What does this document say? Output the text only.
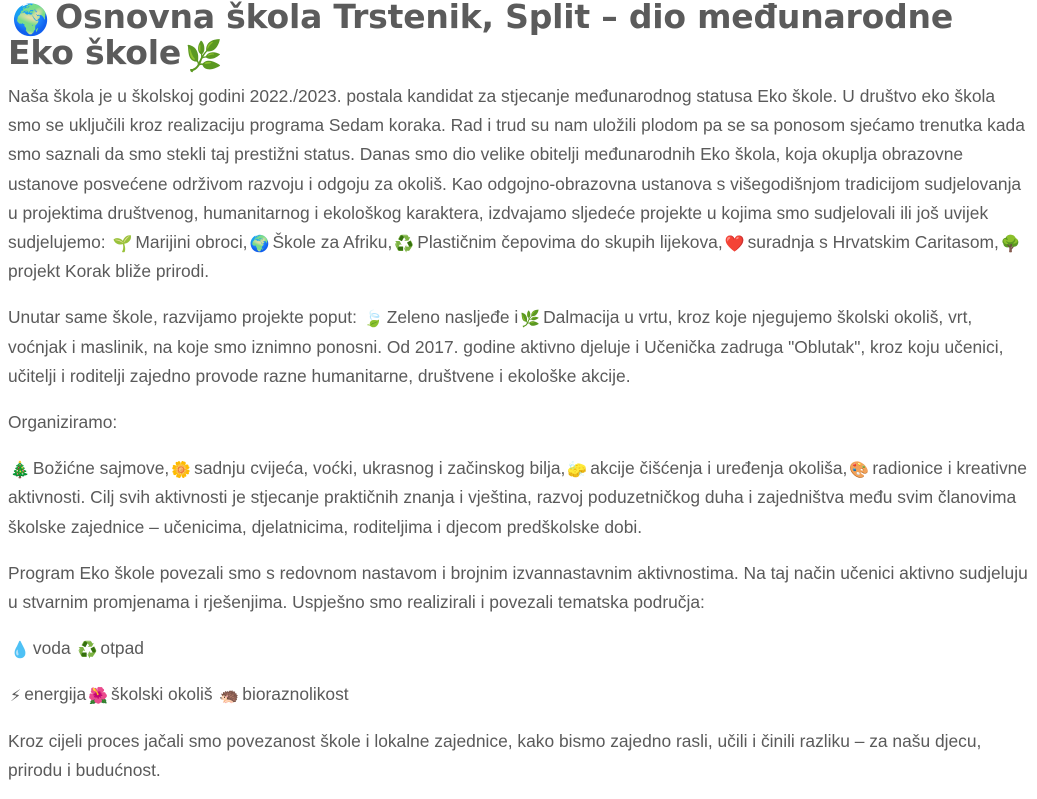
🌍 Osnovna škola Trstenik, Split – dio međunarodne Eko škole 🌿

Naša škola je u školskoj godini 2022./2023. postala kandidat za stjecanje međunarodnog statusa Eko škole. U društvo eko škola smo se uključili kroz realizaciju programa Sedam koraka. Rad i trud su nam uložili plodom pa se sa ponosom sjećamo trenutka kada smo saznali da smo stekli taj prestižni status. Danas smo dio velike obitelji međunarodnih Eko škola, koja okuplja obrazovne ustanove posvećene održivom razvoju i odgoju za okoliš. Kao odgojno-obrazovna ustanova s višegodišnjom tradicijom sudjelovanja u projektima društvenog, humanitarnog i ekološkog karaktera, izdvajamo sljedeće projekte u kojima smo sudjelovali ili još uvijek sudjelujemo: 🌱 Marijini obroci, 🌍 Škole za Afriku, ♻️ Plastičnim čepovima do skupih lijekova, ❤️ suradnja s Hrvatskim Caritasom, 🌳projekt Korak bliže prirodi.

Unutar same škole, razvijamo projekte poput: 🍃 Zeleno nasljeđe i 🌿 Dalmacija u vrtu, kroz koje njegujemo školski okoliš, vrt, voćnjak i maslinik, na koje smo iznimno ponosni. Od 2017. godine aktivno djeluje i Učenička zadruga "Oblutak", kroz koju učenici, učitelji i roditelji zajedno provode razne humanitarne, društvene i ekološke akcije.

Organiziramo:

🎄 Božićne sajmove, 🌼 sadnju cvijeća, voćki, ukrasnog i začinskog bilja, 🧽 akcije čišćenja i uređenja okoliša, 🎨 radionice i kreativne aktivnosti. Cilj svih aktivnosti je stjecanje praktičnih znanja i vještina, razvoj poduzetničkog duha i zajedništva među svim članovima školske zajednice – učenicima, djelatnicima, roditeljima i djecom predškolske dobi.

Program Eko škole povezali smo s redovnom nastavom i brojnim izvannastavnim aktivnostima. Na taj način učenici aktivno sudjeluju u stvarnim promjenama i rješenjima. Uspješno smo realizirali i povezali tematska područja:

💧 voda ♻️ otpad

⚡ energija 🌺 školski okoliš 🦔 bioraznolikost

Kroz cijeli proces jačali smo povezanost škole i lokalne zajednice, kako bismo zajedno rasli, učili i činili razliku – za našu djecu, prirodu i budućnost.
